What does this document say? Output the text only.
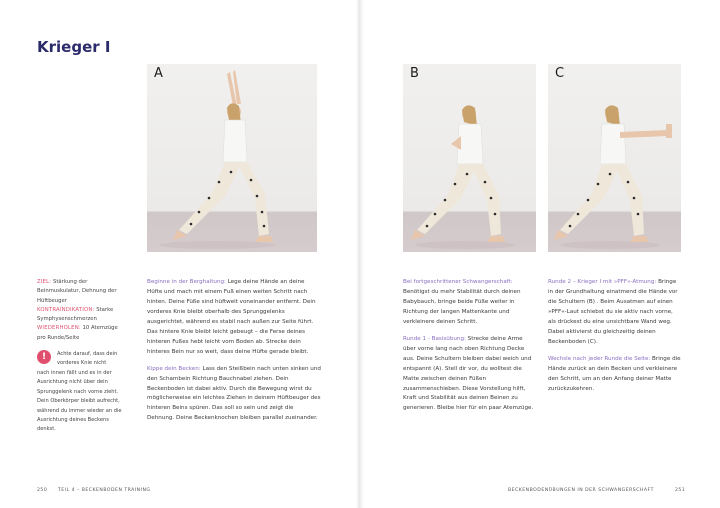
Krieger I
A	B	C
ZIEL: Stärkung der Beinmuskulatur, Dehnung der Hüftbeuger
KONTRAINDIKATION: Starke Symphysenschmerzen
WIEDERHOLEN: 10 Atemzüge pro Runde/Seite
!	Achte darauf, dass dein vorderes Knie nicht
nach innen fällt und es in der Ausrichtung nicht über dein Sprunggelenk nach vorne zieht. Dein Oberkörper bleibt aufrecht, während du immer wieder an die Ausrichtung deines Beckens denkst.

Beginne in der Berghaltung: Lege deine Hände an deine Hüfte und mach mit einem Fuß einen weiten Schritt nach hinten. Deine Füße sind hüftweit voneinander entfernt. Dein vorderes Knie bleibt oberhalb des Sprunggelenks ausgerichtet, während es stabil nach außen zur Seite führt. Das hintere Knie bleibt leicht gebeugt – die Ferse deines hinteren Fußes hebt leicht vom Boden ab. Strecke dein hinteres Bein nur so weit, dass deine Hüfte gerade bleibt.

Kippe dein Becken: Lass den Steißbein nach unten sinken und den Schambein Richtung Bauchnabel ziehen. Dein Beckenboden ist dabei aktiv. Durch die Bewegung wirst du möglicherweise ein leichtes Ziehen in deinem Hüftbeuger des hinteren Beins spüren. Das soll so sein und zeigt die Dehnung. Deine Beckenknochen bleiben parallel zueinander.

Bei fortgeschrittener Schwangerschaft: Benötigst du mehr Stabilität durch deinen Babybauch, bringe beide Füße weiter in Richtung der langen Mattenkante und verkleinere deinen Schritt.

Runde 1 - Basisübung: Strecke deine Arme über vorne lang nach oben Richtung Decke aus. Deine Schultern bleiben dabei weich und entspannt (A). Stell dir vor, du wolltest die Matte zwischen deinen Füßen zusammenschieben. Diese Vorstellung hilft, Kraft und Stabilität aus deinen Beinen zu generieren. Bleibe hier für ein paar Atemzüge.

Runde 2 – Krieger I mit »PFF«-Atmung: Bringe in der Grundhaltung einatmend die Hände vor die Schultern (B) . Beim Ausatmen auf einen »PFF«-Laut schiebst du sie aktiv nach vorne, als drückest du eine unsichtbare Wand weg. Dabei aktivierst du gleichzeitig deinen Beckenboden (C).

Wechsle nach jeder Runde die Seite: Bringe die Hände zurück an dein Becken und verkleinere den Schritt, um an den Anfang deiner Matte zurückzukehren.

250 TEIL 4 – BECKENBODEN TRAINING	BECKENBODENÜBUNGEN IN DER SCHWANGERSCHAFT	251
